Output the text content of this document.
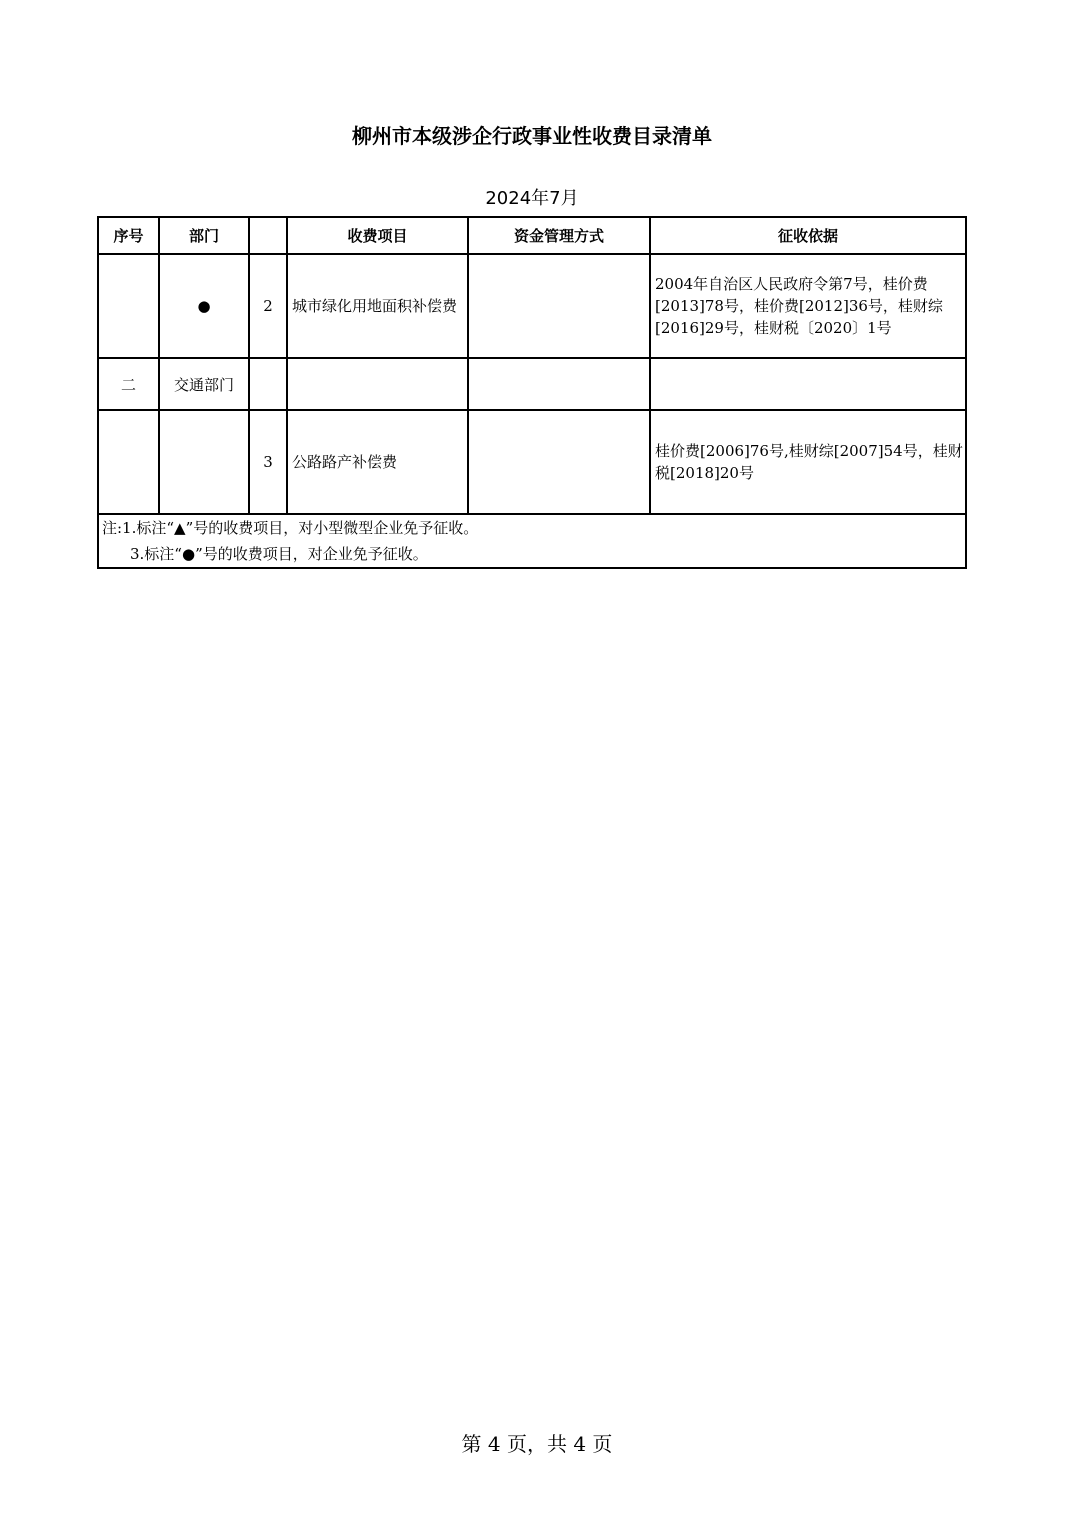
柳州市本级涉企行政事业性收费目录清单
2024年7月
序号	部门		收费项目	资金管理方式	征收依据
	●	2	城市绿化用地面积补偿费		2004年自治区人民政府令第7号，桂价费[2013]78号，桂价费[2012]36号，桂财综[2016]29号，桂财税〔2020〕1号
二	交通部门				
		3	公路路产补偿费		桂价费[2006]76号,桂财综[2007]54号，桂财税[2018]20号

注:1.标注“▲”号的收费项目，对小型微型企业免予征收。
3.标注“●”号的收费项目，对企业免予征收。					
第 4 页，共 4 页
